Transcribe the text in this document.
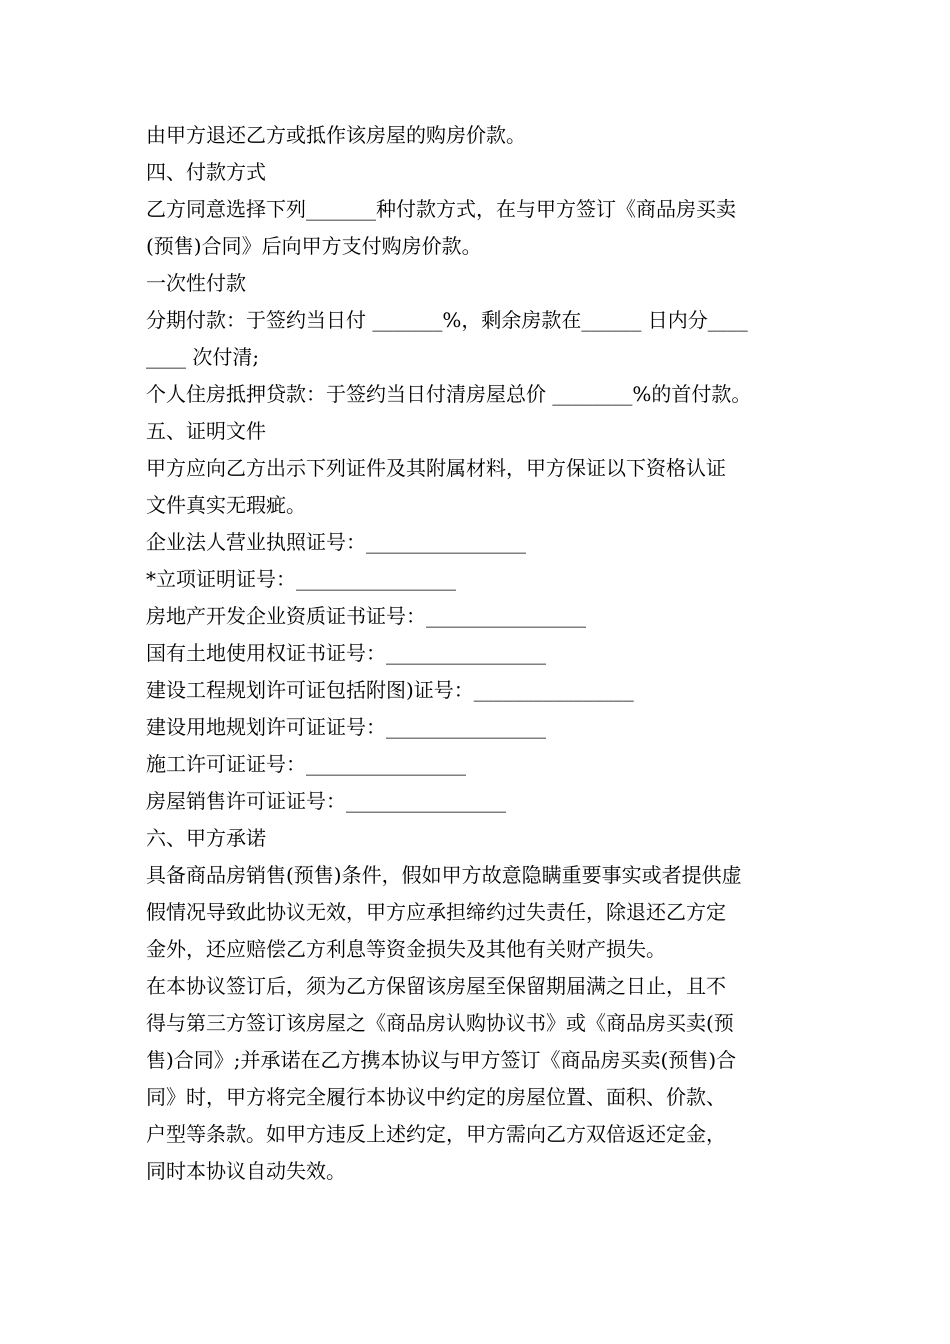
由甲方退还乙方或抵作该房屋的购房价款。
四、付款方式
乙方同意选择下列_______种付款方式，在与甲方签订《商品房买卖
(预售)合同》后向甲方支付购房价款。
一次性付款
分期付款：于签约当日付 _______%，剩余房款在______ 日内分____
____ 次付清;
个人住房抵押贷款：于签约当日付清房屋总价 ________%的首付款。
五、证明文件
甲方应向乙方出示下列证件及其附属材料，甲方保证以下资格认证
文件真实无瑕疵。
企业法人营业执照证号：________________
*立项证明证号：________________
房地产开发企业资质证书证号：________________
国有土地使用权证书证号：________________
建设工程规划许可证包括附图)证号：________________
建设用地规划许可证证号：________________
施工许可证证号：________________
房屋销售许可证证号：________________
六、甲方承诺
具备商品房销售(预售)条件，假如甲方故意隐瞒重要事实或者提供虚
假情况导致此协议无效，甲方应承担缔约过失责任，除退还乙方定
金外，还应赔偿乙方利息等资金损失及其他有关财产损失。
在本协议签订后，须为乙方保留该房屋至保留期届满之日止，且不
得与第三方签订该房屋之《商品房认购协议书》或《商品房买卖(预
售)合同》;并承诺在乙方携本协议与甲方签订《商品房买卖(预售)合
同》时，甲方将完全履行本协议中约定的房屋位置、面积、价款、
户型等条款。如甲方违反上述约定，甲方需向乙方双倍返还定金，
同时本协议自动失效。
